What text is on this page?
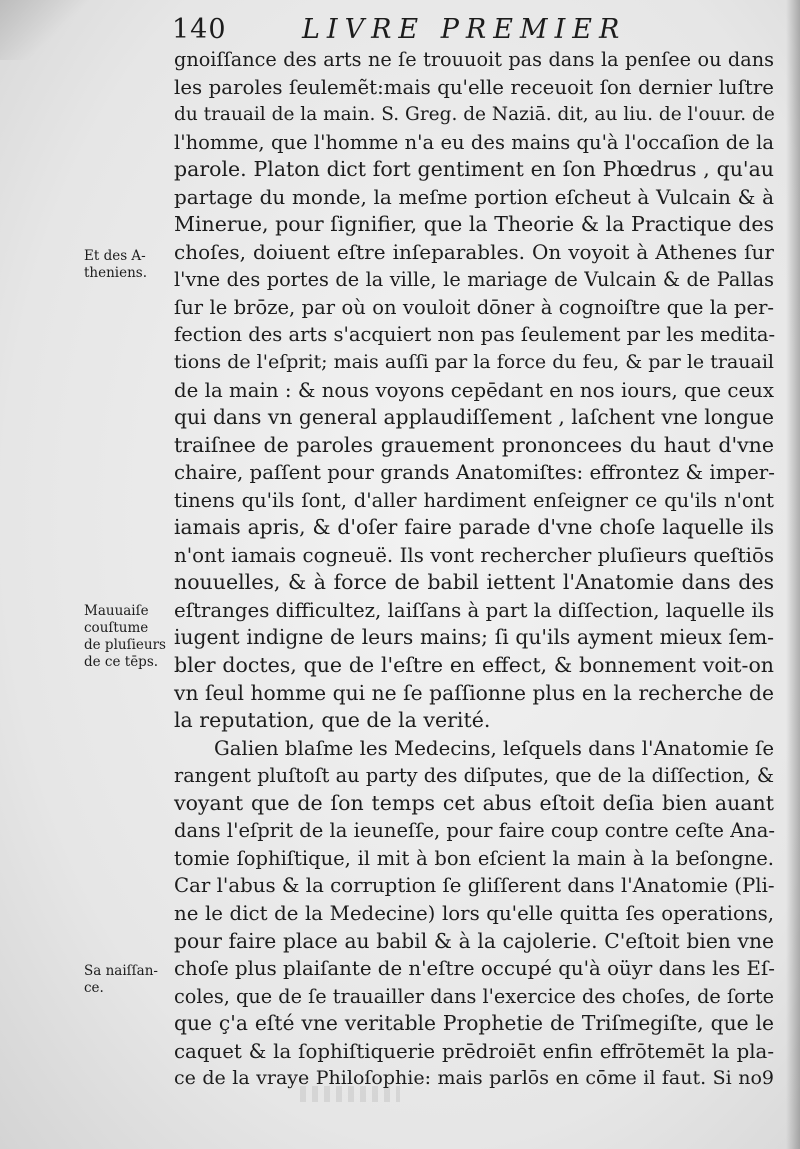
140	LIVRE PREMIER
gnoiſſance des arts ne ſe trouuoit pas dans la penſee ou dans
les paroles ſeulemẽt:mais qu'elle receuoit ſon dernier luſtre
du trauail de la main. S. Greg. de Naziā. dit, au liu. de l'ouur. de
l'homme, que l'homme n'a eu des mains qu'à l'occaſion de la
parole. Platon dict fort gentiment en ſon Phœdrus , qu'au
partage du monde, la meſme portion eſcheut à Vulcain & à
Minerue, pour ſignifier, que la Theorie & la Practique des
choſes, doiuent eſtre inſeparables. On voyoit à Athenes ſur
l'vne des portes de la ville, le mariage de Vulcain & de Pallas
ſur le brōze, par où on vouloit dōner à cognoiſtre que la per-
fection des arts s'acquiert non pas ſeulement par les medita-
tions de l'eſprit; mais auſſi par la force du feu, & par le trauail
de la main : & nous voyons cepēdant en nos iours, que ceux
qui dans vn general applaudiſſement , laſchent vne longue
traiſnee de paroles grauement prononcees du haut d'vne
chaire, paſſent pour grands Anatomiſtes: effrontez & imper-
tinens qu'ils ſont, d'aller hardiment enſeigner ce qu'ils n'ont
iamais apris, & d'oſer faire parade d'vne choſe laquelle ils
n'ont iamais cogneuë. Ils vont rechercher pluſieurs queſtiōs
nouuelles, & à force de babil iettent l'Anatomie dans des
eſtranges difficultez, laiſſans à part la diſſection, laquelle ils
iugent indigne de leurs mains; ſi qu'ils ayment mieux ſem-
bler doctes, que de l'eſtre en effect, & bonnement voit-on
vn ſeul homme qui ne ſe paſſionne plus en la recherche de
la reputation, que de la verité.
Galien blaſme les Medecins, leſquels dans l'Anatomie ſe
rangent pluſtoſt au party des diſputes, que de la diſſection, &
voyant que de ſon temps cet abus eſtoit deſia bien auant
dans l'eſprit de la ieuneſſe, pour faire coup contre ceſte Ana-
tomie ſophiſtique, il mit à bon eſcient la main à la beſongne.
Car l'abus & la corruption ſe gliſſerent dans l'Anatomie (Pli-
ne le dict de la Medecine) lors qu'elle quitta ſes operations,
pour faire place au babil & à la cajolerie. C'eſtoit bien vne
choſe plus plaiſante de n'eſtre occupé qu'à oüyr dans les Eſ-
coles, que de ſe trauailler dans l'exercice des choſes, de ſorte
que ç'a eſté vne veritable Prophetie de Triſmegiſte, que le
caquet & la ſophiſtiquerie prēdroiēt enfin effrōtemēt la pla-
ce de la vraye Philoſophie: mais parlōs en cōme il faut. Si no9
Et des A-
theniens.
Mauuaiſe
couſtume
de pluſieurs
de ce tēps.
Sa naiſſan-
ce.
